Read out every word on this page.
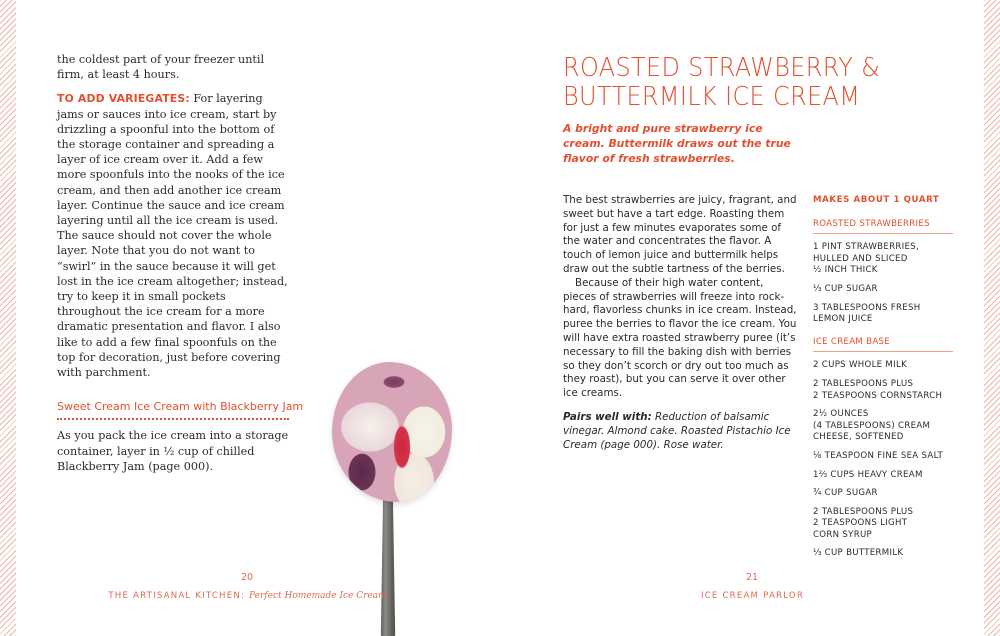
the coldest part of your freezer until firm, at least 4 hours.

TO ADD VARIEGATES: For layering jams or sauces into ice cream, start by drizzling a spoonful into the bottom of the storage container and spreading a layer of ice cream over it. Add a few more spoonfuls into the nooks of the ice cream, and then add another ice cream layer. Continue the sauce and ice cream layering until all the ice cream is used. The sauce should not cover the whole layer. Note that you do not want to “swirl” in the sauce because it will get lost in the ice cream altogether; instead, try to keep it in small pockets throughout the ice cream for a more dramatic presentation and flavor. I also like to add a few final spoonfuls on the top for decoration, just before covering with parchment.

Sweet Cream Ice Cream with Blackberry Jam

As you pack the ice cream into a storage container, layer in ½ cup of chilled Blackberry Jam (page 000).

20
THE ARTISANAL KITCHEN: Perfect Homemade Ice Cream
ROASTED STRAWBERRY &
BUTTERMILK ICE CREAM
A bright and pure strawberry ice cream. Buttermilk draws out the true flavor of fresh strawberries.

The best strawberries are juicy, fragrant, and sweet but have a tart edge. Roasting them for just a few minutes evaporates some of the water and concentrates the flavor. A touch of lemon juice and buttermilk helps draw out the subtle tartness of the berries.

Because of their high water content, pieces of strawberries will freeze into rock-hard, flavorless chunks in ice cream. Instead, puree the berries to flavor the ice cream. You will have extra roasted strawberry puree (it’s necessary to fill the baking dish with berries so they don’t scorch or dry out too much as they roast), but you can serve it over other ice creams.

Pairs well with: Reduction of balsamic vinegar. Almond cake. Roasted Pistachio Ice Cream (page 000). Rose water.

MAKES ABOUT 1 QUART
ROASTED STRAWBERRIES
1 PINT STRAWBERRIES,
HULLED AND SLICED
½ INCH THICK
⅓ CUP SUGAR
3 TABLESPOONS FRESH
LEMON JUICE
ICE CREAM BASE
2 CUPS WHOLE MILK
2 TABLESPOONS PLUS
2 TEASPOONS CORNSTARCH
2½ OUNCES
(4 TABLESPOONS) CREAM
CHEESE, SOFTENED
⅛ TEASPOON FINE SEA SALT
1⅔ CUPS HEAVY CREAM
¾ CUP SUGAR
2 TABLESPOONS PLUS
2 TEASPOONS LIGHT
CORN SYRUP
⅓ CUP BUTTERMILK
21
ICE CREAM PARLOR
